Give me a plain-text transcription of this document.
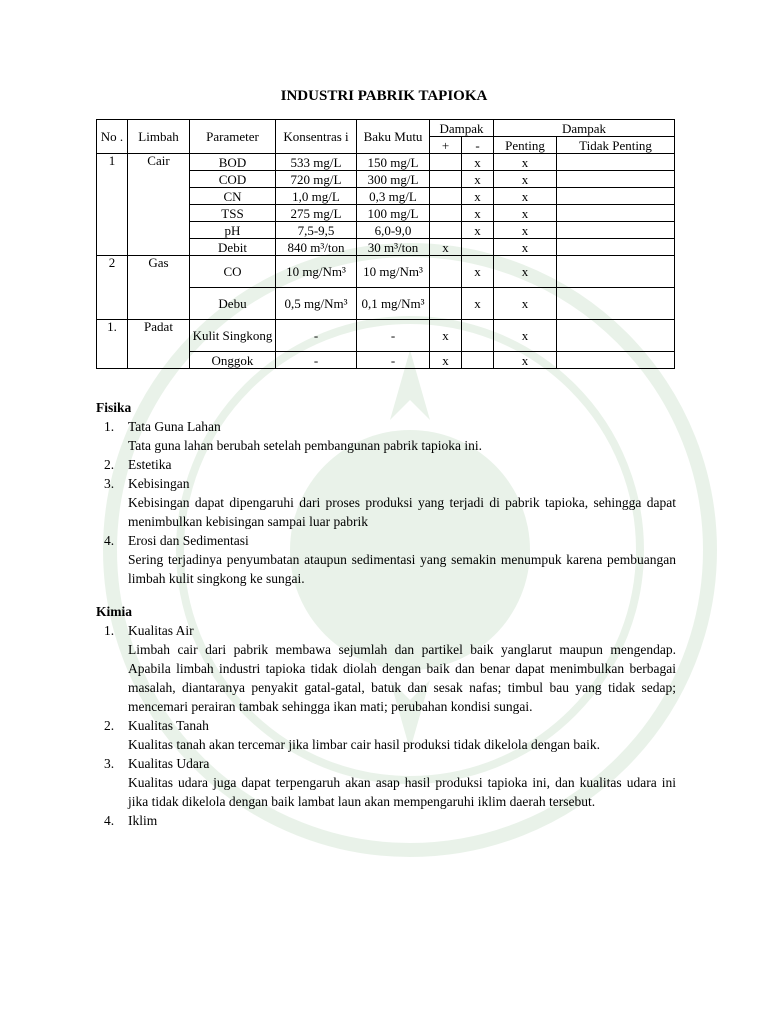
INDUSTRI PABRIK TAPIOKA
No .	Limbah	Parameter	Konsentras i	Baku Mutu	Dampak		Dampak	
					+	-	Penting	Tidak Penting
1	Cair	BOD	533 mg/L	150 mg/L		x	x	
		COD	720 mg/L	300 mg/L		x	x	
		CN	1,0 mg/L	0,3 mg/L		x	x	
		TSS	275 mg/L	100 mg/L		x	x	
		pH	7,5-9,5	6,0-9,0		x	x	
		Debit	840 m³/ton	30 m³/ton	x		x	
2	Gas	CO	10 mg/Nm³	10 mg/Nm³		x	x	
		Debu	0,5 mg/Nm³	0,1 mg/Nm³		x	x	
1.	Padat	Kulit Singkong	-	-	x		x	
		Onggok	-	-	x		x	

Fisika

1. Tata Guna Lahan
Tata guna lahan berubah setelah pembangunan pabrik tapioka ini.
2. Estetika
3. Kebisingan
Kebisingan dapat dipengaruhi dari proses produksi yang terjadi di pabrik tapioka, sehingga dapat menimbulkan kebisingan sampai luar pabrik
4. Erosi dan Sedimentasi
Sering terjadinya penyumbatan ataupun sedimentasi yang semakin menumpuk karena pembuangan limbah kulit singkong ke sungai.

Kimia

1. Kualitas Air
Limbah cair dari pabrik membawa sejumlah dan partikel baik yanglarut maupun mengendap. Apabila limbah industri tapioka tidak diolah dengan baik dan benar dapat menimbulkan berbagai masalah, diantaranya penyakit gatal-gatal, batuk dan sesak nafas; timbul bau yang tidak sedap; mencemari perairan tambak sehingga ikan mati; perubahan kondisi sungai.
2. Kualitas Tanah
Kualitas tanah akan tercemar jika limbar cair hasil produksi tidak dikelola dengan baik.
3. Kualitas Udara
Kualitas udara juga dapat terpengaruh akan asap hasil produksi tapioka ini, dan kualitas udara ini jika tidak dikelola dengan baik lambat laun akan mempengaruhi iklim daerah tersebut.
4. Iklim
